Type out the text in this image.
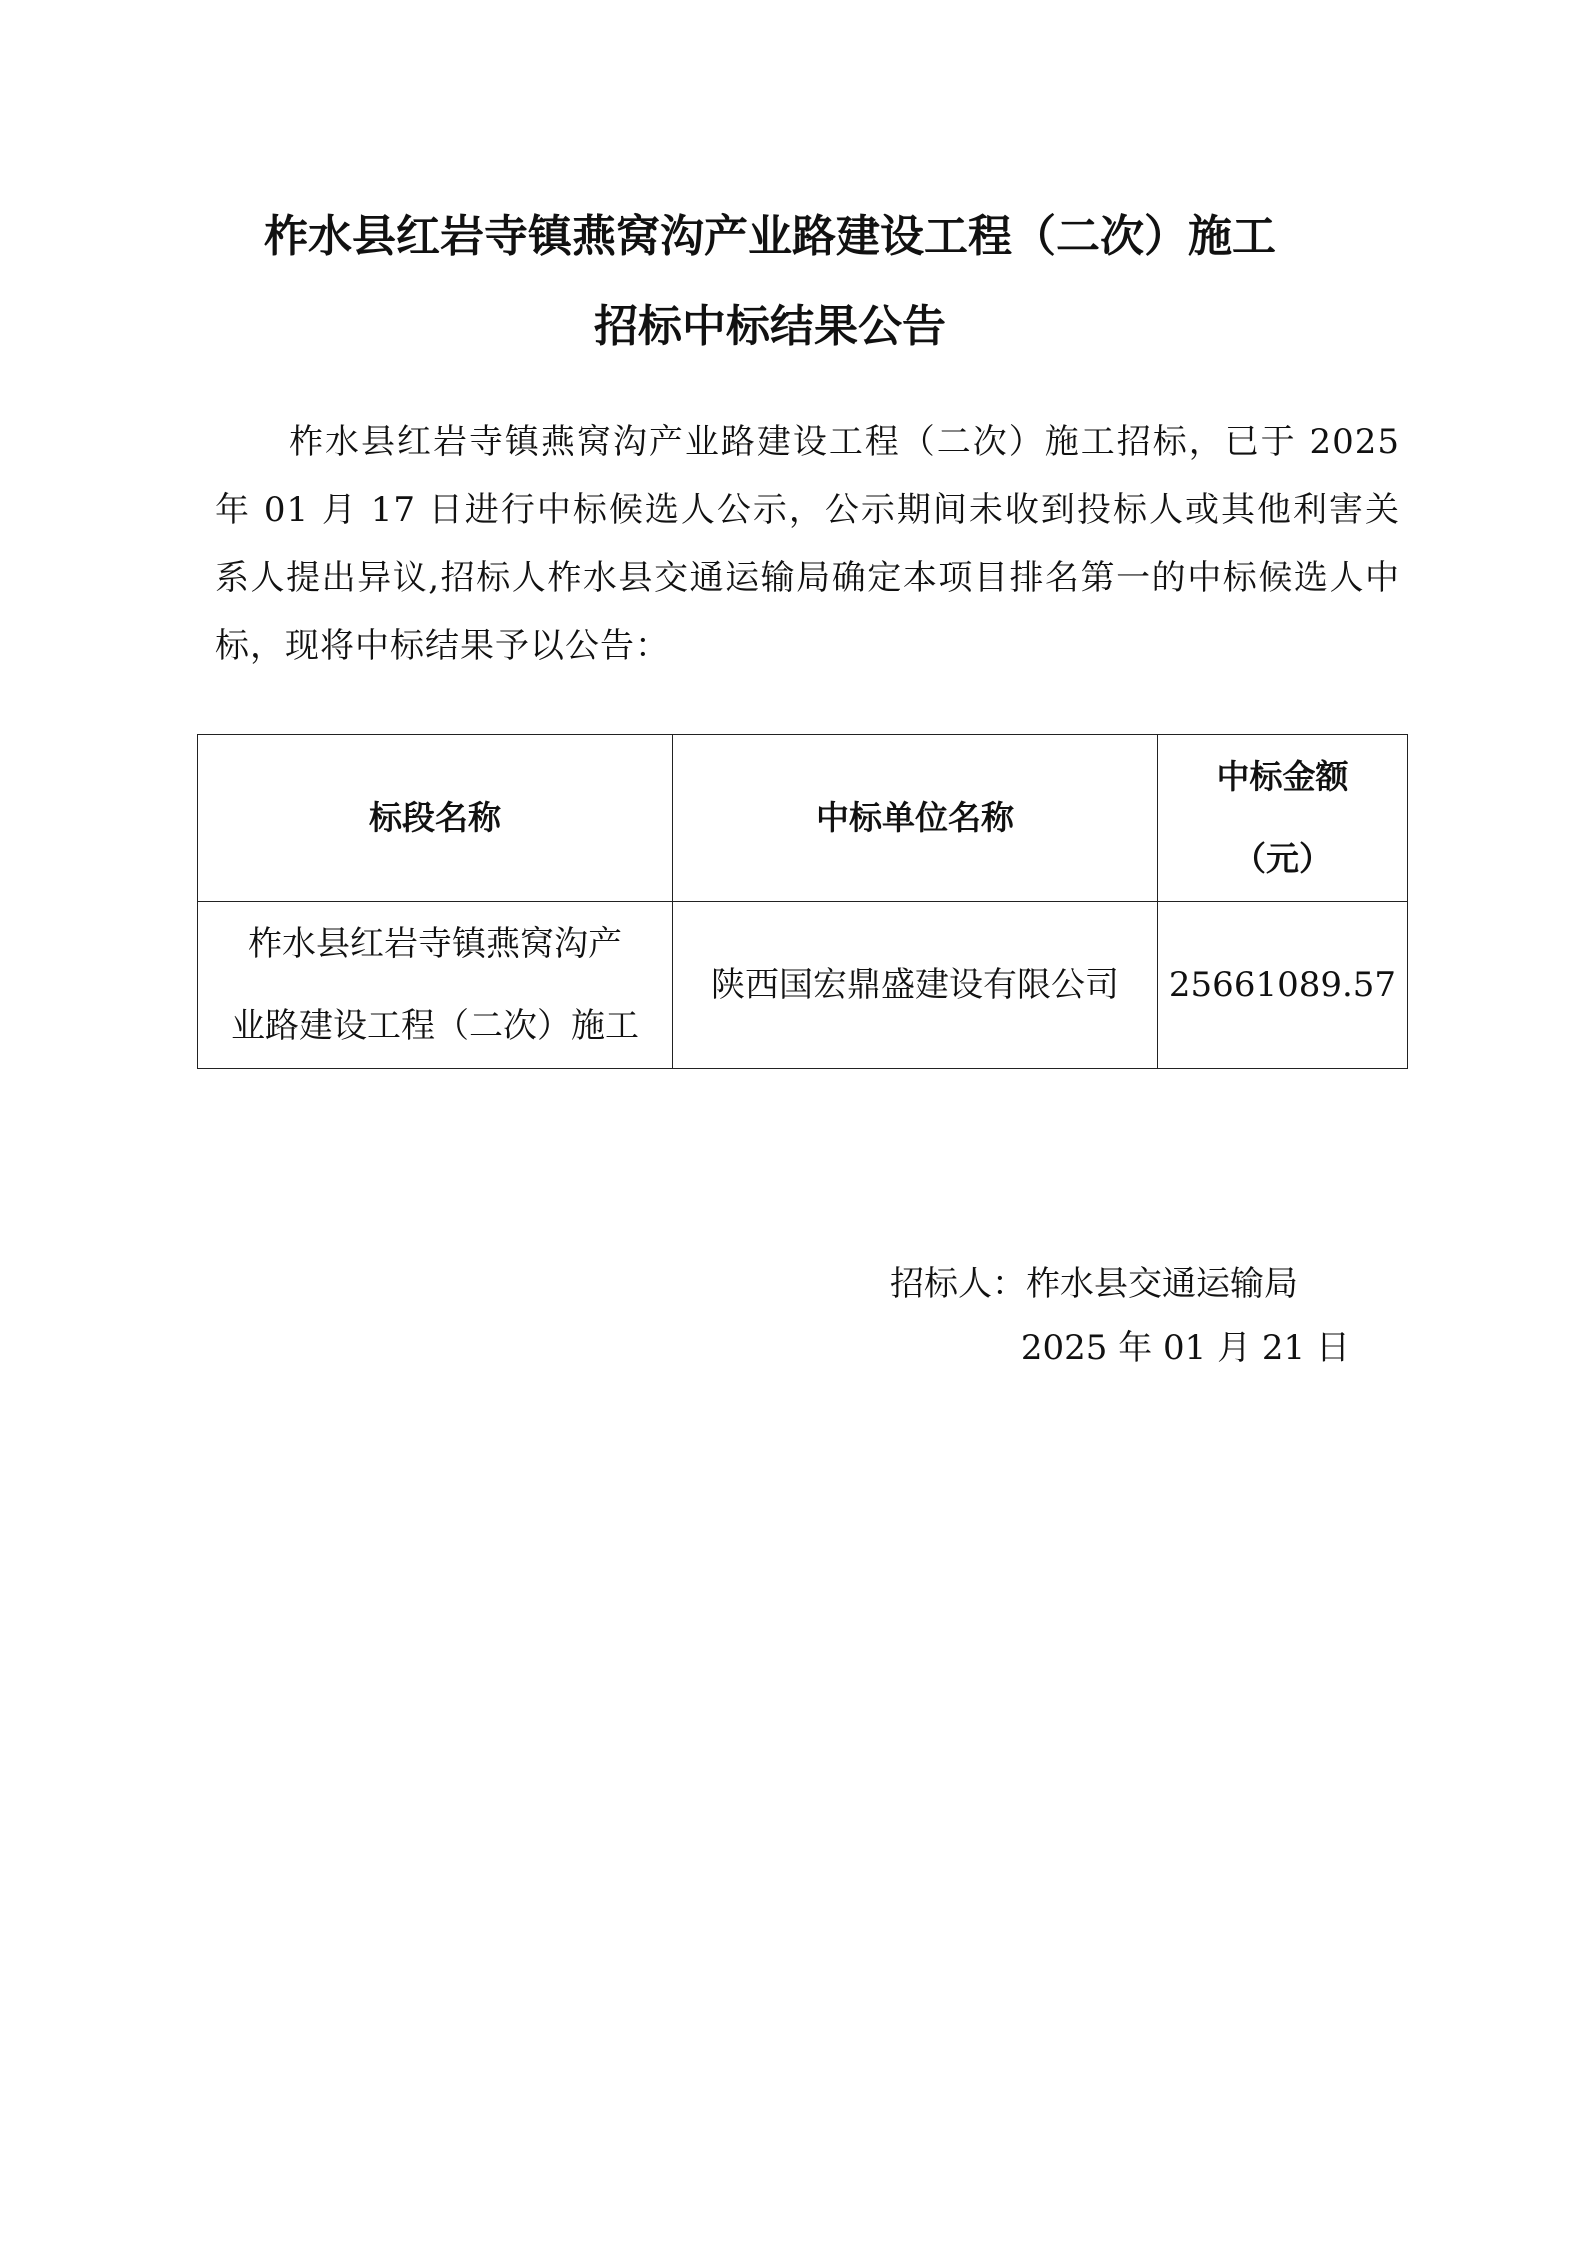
柞水县红岩寺镇燕窝沟产业路建设工程（二次）施工
招标中标结果公告

柞水县红岩寺镇燕窝沟产业路建设工程（二次）施工招标，已于 2025 年 01 月 17 日进行中标候选人公示，公示期间未收到投标人或其他利害关系人提出异议,招标人柞水县交通运输局确定本项目排名第一的中标候选人中标，现将中标结果予以公告：

标段名称	中标单位名称	中标金额
（元）
柞水县红岩寺镇燕窝沟产
业路建设工程（二次）施工	陕西国宏鼎盛建设有限公司	25661089.57
招标人：柞水县交通运输局
2025 年 01 月 21 日
